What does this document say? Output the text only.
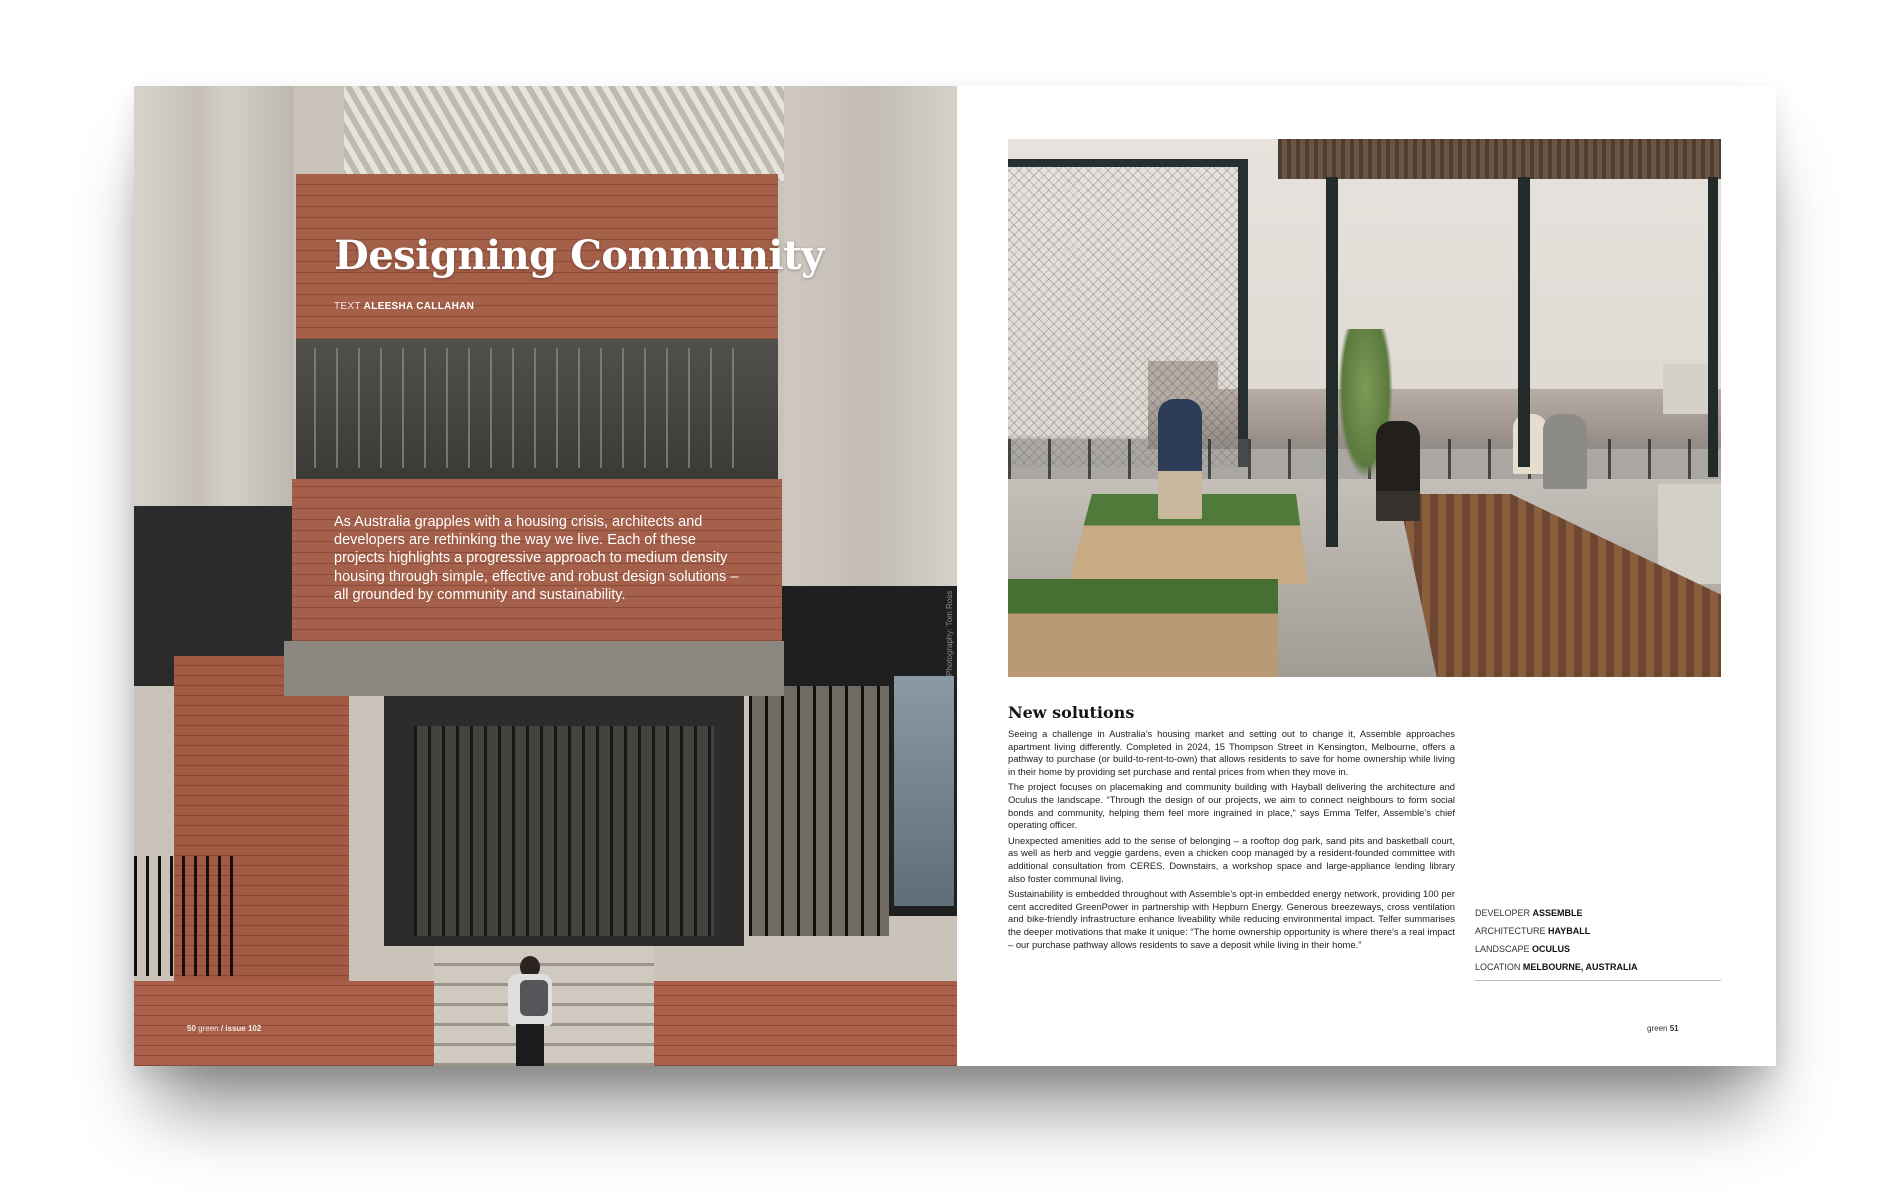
Designing Community
TEXT ALEESHA CALLAHAN

As Australia grapples with a housing crisis, architects and developers are rethinking the way we live. Each of these projects highlights a progressive approach to medium density housing through simple, effective and robust design solutions – all grounded by community and sustainability.

50 green / issue 102
Photography: Tom Ross
New solutions

Seeing a challenge in Australia’s housing market and setting out to change it, Assemble approaches apartment living differently. Completed in 2024, 15 Thompson Street in Kensington, Melbourne, offers a pathway to purchase (or build-to-rent-to-own) that allows residents to save for home ownership while living in their home by providing set purchase and rental prices from when they move in.

The project focuses on placemaking and community building with Hayball delivering the architecture and Oculus the landscape. “Through the design of our projects, we aim to connect neighbours to form social bonds and community, helping them feel more ingrained in place,” says Emma Telfer, Assemble’s chief operating officer.

Unexpected amenities add to the sense of belonging – a rooftop dog park, sand pits and basketball court, as well as herb and veggie gardens, even a chicken coop managed by a resident-founded committee with additional consultation from CERES. Downstairs, a workshop space and large-appliance lending library also foster communal living.

Sustainability is embedded throughout with Assemble’s opt-in embedded energy network, providing 100 per cent accredited GreenPower in partnership with Hepburn Energy. Generous breezeways, cross ventilation and bike-friendly infrastructure enhance liveability while reducing environmental impact. Telfer summarises the deeper motivations that make it unique: “The home ownership opportunity is where there’s a real impact – our purchase pathway allows residents to save a deposit while living in their home.”

DEVELOPER ASSEMBLE
ARCHITECTURE HAYBALL
LANDSCAPE OCULUS
LOCATION MELBOURNE, AUSTRALIA
green 51
